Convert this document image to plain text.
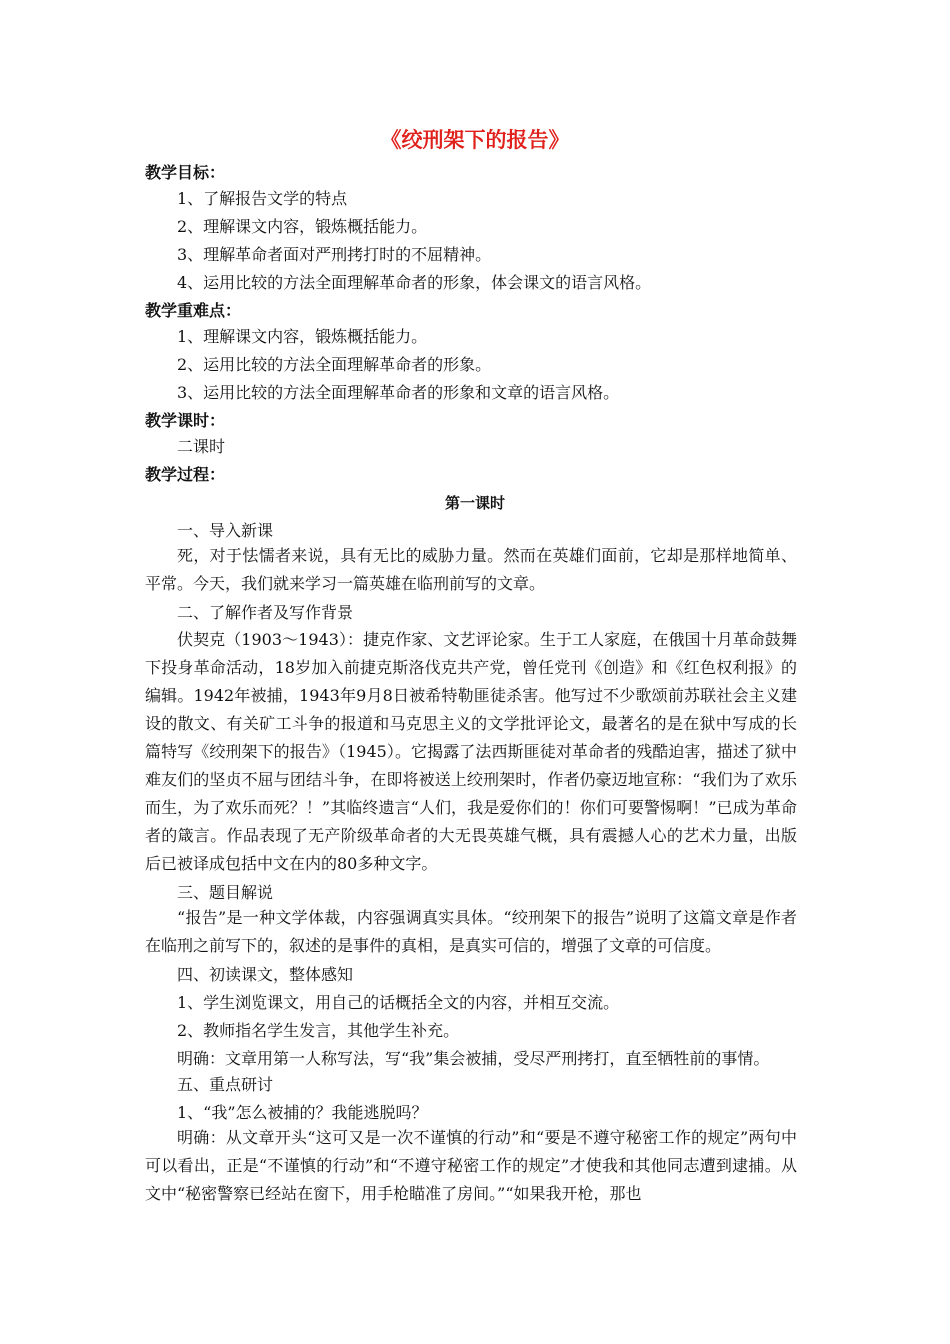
《绞刑架下的报告》
教学目标：
1、了解报告文学的特点
2、理解课文内容，锻炼概括能力。
3、理解革命者面对严刑拷打时的不屈精神。
4、运用比较的方法全面理解革命者的形象，体会课文的语言风格。
教学重难点：
1、理解课文内容，锻炼概括能力。
2、运用比较的方法全面理解革命者的形象。
3、运用比较的方法全面理解革命者的形象和文章的语言风格。
教学课时：
二课时
教学过程：
第一课时
一、导入新课
死，对于怯懦者来说，具有无比的威胁力量。然而在英雄们面前，它却是那样地简单、平常。今天，我们就来学习一篇英雄在临刑前写的文章。
二、了解作者及写作背景
伏契克（1903～1943）：捷克作家、文艺评论家。生于工人家庭，在俄国十月革命鼓舞下投身革命活动，18岁加入前捷克斯洛伐克共产党，曾任党刊《创造》和《红色权利报》的编辑。1942年被捕，1943年9月8日被希特勒匪徒杀害。他写过不少歌颂前苏联社会主义建设的散文、有关矿工斗争的报道和马克思主义的文学批评论文，最著名的是在狱中写成的长篇特写《绞刑架下的报告》（1945）。它揭露了法西斯匪徒对革命者的残酷迫害，描述了狱中难友们的坚贞不屈与团结斗争，在即将被送上绞刑架时，作者仍豪迈地宣称：“我们为了欢乐而生，为了欢乐而死？！”其临终遗言“人们，我是爱你们的！你们可要警惕啊！”已成为革命者的箴言。作品表现了无产阶级革命者的大无畏英雄气概，具有震撼人心的艺术力量，出版后已被译成包括中文在内的80多种文字。
三、题目解说
“报告”是一种文学体裁，内容强调真实具体。“绞刑架下的报告”说明了这篇文章是作者在临刑之前写下的，叙述的是事件的真相，是真实可信的，增强了文章的可信度。
四、初读课文，整体感知
1、学生浏览课文，用自己的话概括全文的内容，并相互交流。
2、教师指名学生发言，其他学生补充。
明确：文章用第一人称写法，写“我”集会被捕，受尽严刑拷打，直至牺牲前的事情。
五、重点研讨
1、“我”怎么被捕的？我能逃脱吗？
明确：从文章开头“这可又是一次不谨慎的行动”和“要是不遵守秘密工作的规定”两句中可以看出，正是“不谨慎的行动”和“不遵守秘密工作的规定”才使我和其他同志遭到逮捕。从文中“秘密警察已经站在窗下，用手枪瞄准了房间。”“如果我开枪，那也
